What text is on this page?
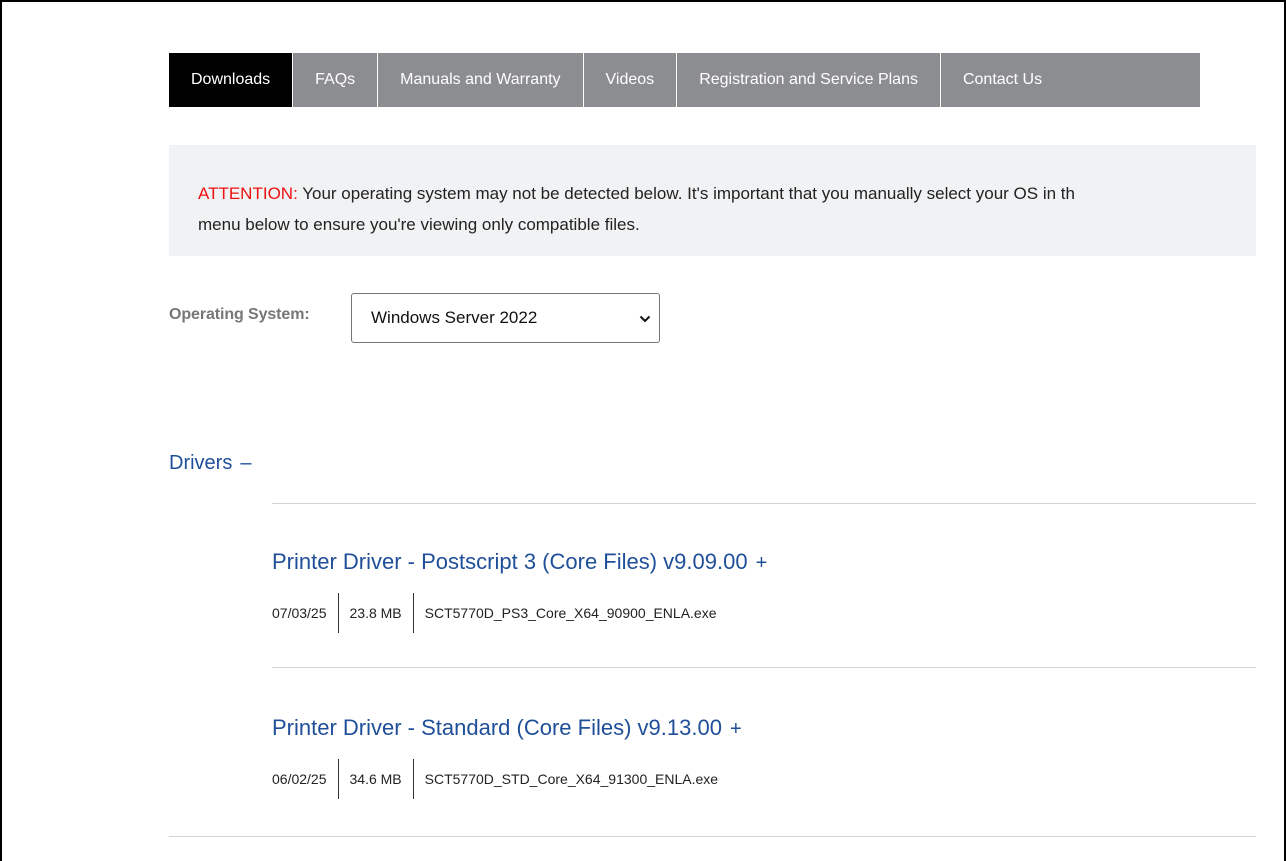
Downloads	FAQs	Manuals and Warranty	Videos	Registration and Service Plans	Contact Us
ATTENTION: Your operating system may not be detected below. It's important that you manually select your OS in th
menu below to ensure you're viewing only compatible files.
Operating System:	Windows Server 2022
Drivers –
Printer Driver - Postscript 3 (Core Files) v9.09.00 +
07/03/25 23.8 MB SCT5770D_PS3_Core_X64_90900_ENLA.exe
Printer Driver - Standard (Core Files) v9.13.00 +
06/02/25 34.6 MB SCT5770D_STD_Core_X64_91300_ENLA.exe
